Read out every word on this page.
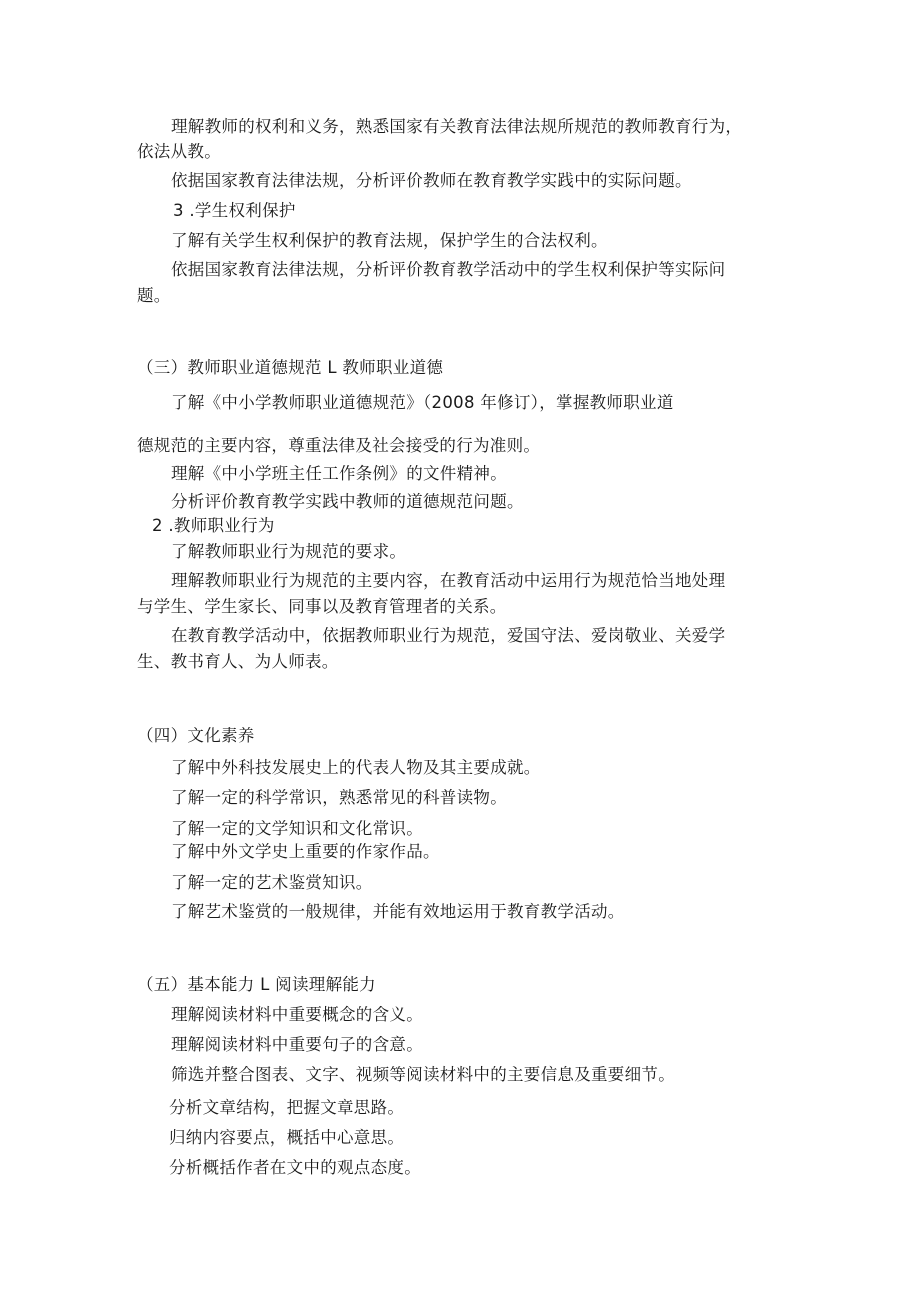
理解教师的权利和义务，熟悉国家有关教育法律法规所规范的教师教育行为，
依法从教。
依据国家教育法律法规，分析评价教师在教育教学实践中的实际问题。
3 .学生权利保护
了解有关学生权利保护的教育法规，保护学生的合法权利。
依据国家教育法律法规，分析评价教育教学活动中的学生权利保护等实际问
题。
（三）教师职业道德规范 L 教师职业道德
了解《中小学教师职业道德规范》（2008 年修订），掌握教师职业道
德规范的主要内容，尊重法律及社会接受的行为准则。
理解《中小学班主任工作条例》的文件精神。
分析评价教育教学实践中教师的道德规范问题。
2 .教师职业行为
了解教师职业行为规范的要求。
理解教师职业行为规范的主要内容，在教育活动中运用行为规范恰当地处理
与学生、学生家长、同事以及教育管理者的关系。
在教育教学活动中，依据教师职业行为规范，爱国守法、爱岗敬业、关爱学
生、教书育人、为人师表。
（四）文化素养
了解中外科技发展史上的代表人物及其主要成就。
了解一定的科学常识，熟悉常见的科普读物。
了解一定的文学知识和文化常识。
了解中外文学史上重要的作家作品。
了解一定的艺术鉴赏知识。
了解艺术鉴赏的一般规律，并能有效地运用于教育教学活动。
（五）基本能力 L 阅读理解能力
理解阅读材料中重要概念的含义。
理解阅读材料中重要句子的含意。
筛选并整合图表、文字、视频等阅读材料中的主要信息及重要细节。
分析文章结构，把握文章思路。
归纳内容要点，概括中心意思。
分析概括作者在文中的观点态度。
